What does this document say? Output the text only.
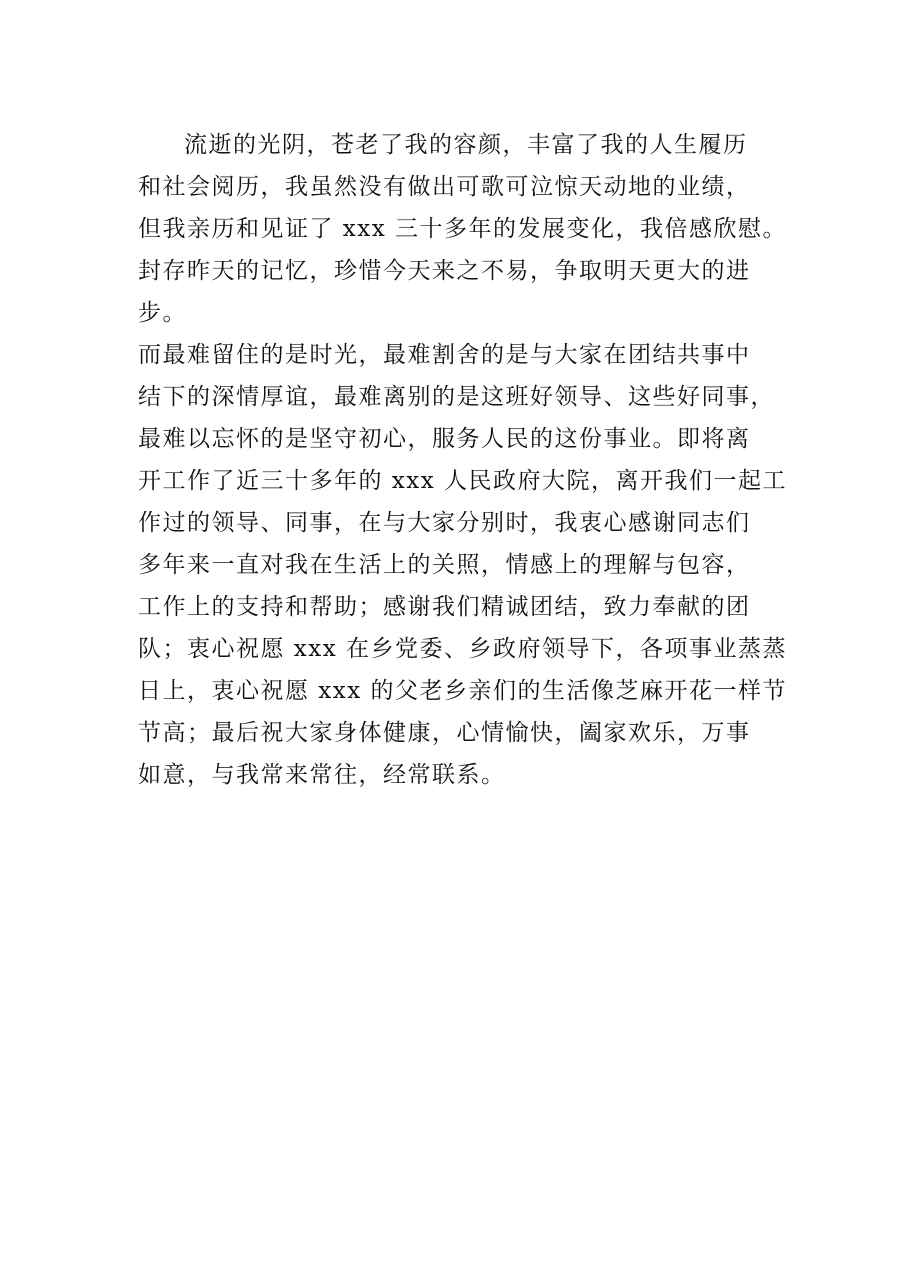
流逝的光阴，苍老了我的容颜，丰富了我的人生履历
和社会阅历，我虽然没有做出可歌可泣惊天动地的业绩，
但我亲历和见证了 xxx 三十多年的发展变化，我倍感欣慰。
封存昨天的记忆，珍惜今天来之不易，争取明天更大的进
步。
而最难留住的是时光，最难割舍的是与大家在团结共事中
结下的深情厚谊，最难离别的是这班好领导、这些好同事，
最难以忘怀的是坚守初心，服务人民的这份事业。即将离
开工作了近三十多年的 xxx 人民政府大院，离开我们一起工
作过的领导、同事，在与大家分别时，我衷心感谢同志们
多年来一直对我在生活上的关照，情感上的理解与包容，
工作上的支持和帮助；感谢我们精诚团结，致力奉献的团
队；衷心祝愿 xxx 在乡党委、乡政府领导下，各项事业蒸蒸
日上，衷心祝愿 xxx 的父老乡亲们的生活像芝麻开花一样节
节高；最后祝大家身体健康，心情愉快，阖家欢乐，万事
如意，与我常来常往，经常联系。
